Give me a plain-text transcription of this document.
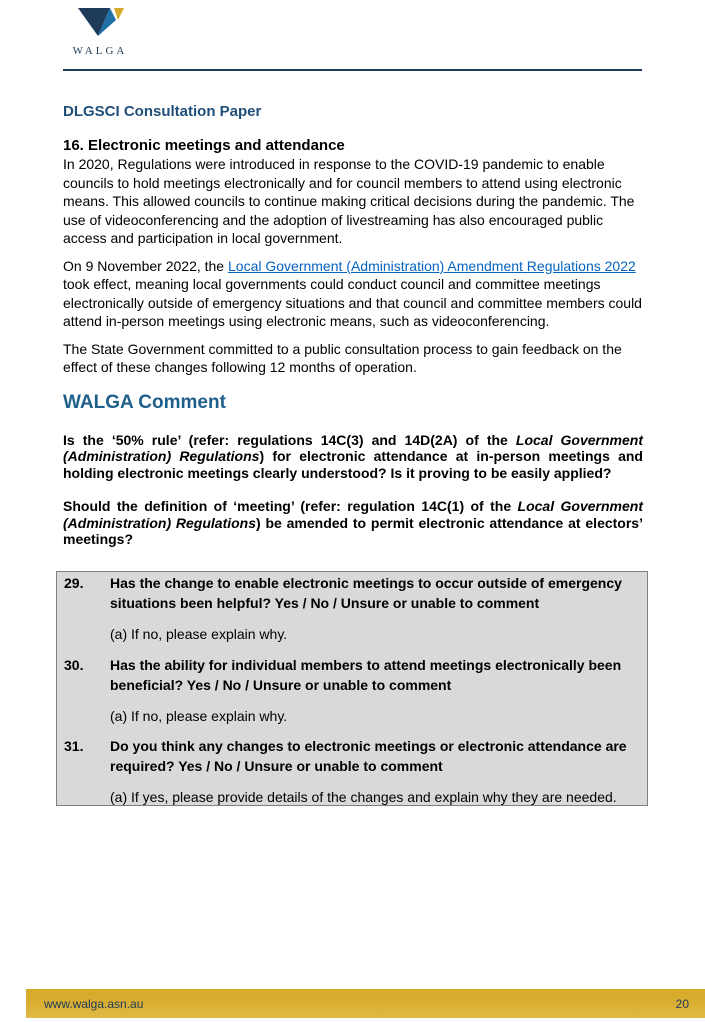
WALGA
DLGSCI Consultation Paper
16. Electronic meetings and attendance

In 2020, Regulations were introduced in response to the COVID-19 pandemic to enable councils to hold meetings electronically and for council members to attend using electronic means. This allowed councils to continue making critical decisions during the pandemic. The use of videoconferencing and the adoption of livestreaming has also encouraged public access and participation in local government.

On 9 November 2022, the Local Government (Administration) Amendment Regulations 2022 took effect, meaning local governments could conduct council and committee meetings electronically outside of emergency situations and that council and committee members could attend in-person meetings using electronic means, such as videoconferencing.

The State Government committed to a public consultation process to gain feedback on the effect of these changes following 12 months of operation.

WALGA Comment

Is the ‘50% rule’ (refer: regulations 14C(3) and 14D(2A) of the Local Government (Administration) Regulations) for electronic attendance at in-person meetings and holding electronic meetings clearly understood? Is it proving to be easily applied?

Should the definition of ‘meeting’ (refer: regulation 14C(1) of the Local Government (Administration) Regulations) be amended to permit electronic attendance at electors’ meetings?

29. Has the change to enable electronic meetings to occur outside of emergency situations been helpful? Yes / No / Unsure or unable to comment
(a) If no, please explain why.
30. Has the ability for individual members to attend meetings electronically been beneficial? Yes / No / Unsure or unable to comment
(a) If no, please explain why.
31. Do you think any changes to electronic meetings or electronic attendance are required? Yes / No / Unsure or unable to comment
(a) If yes, please provide details of the changes and explain why they are needed.
www.walga.asn.au	20
